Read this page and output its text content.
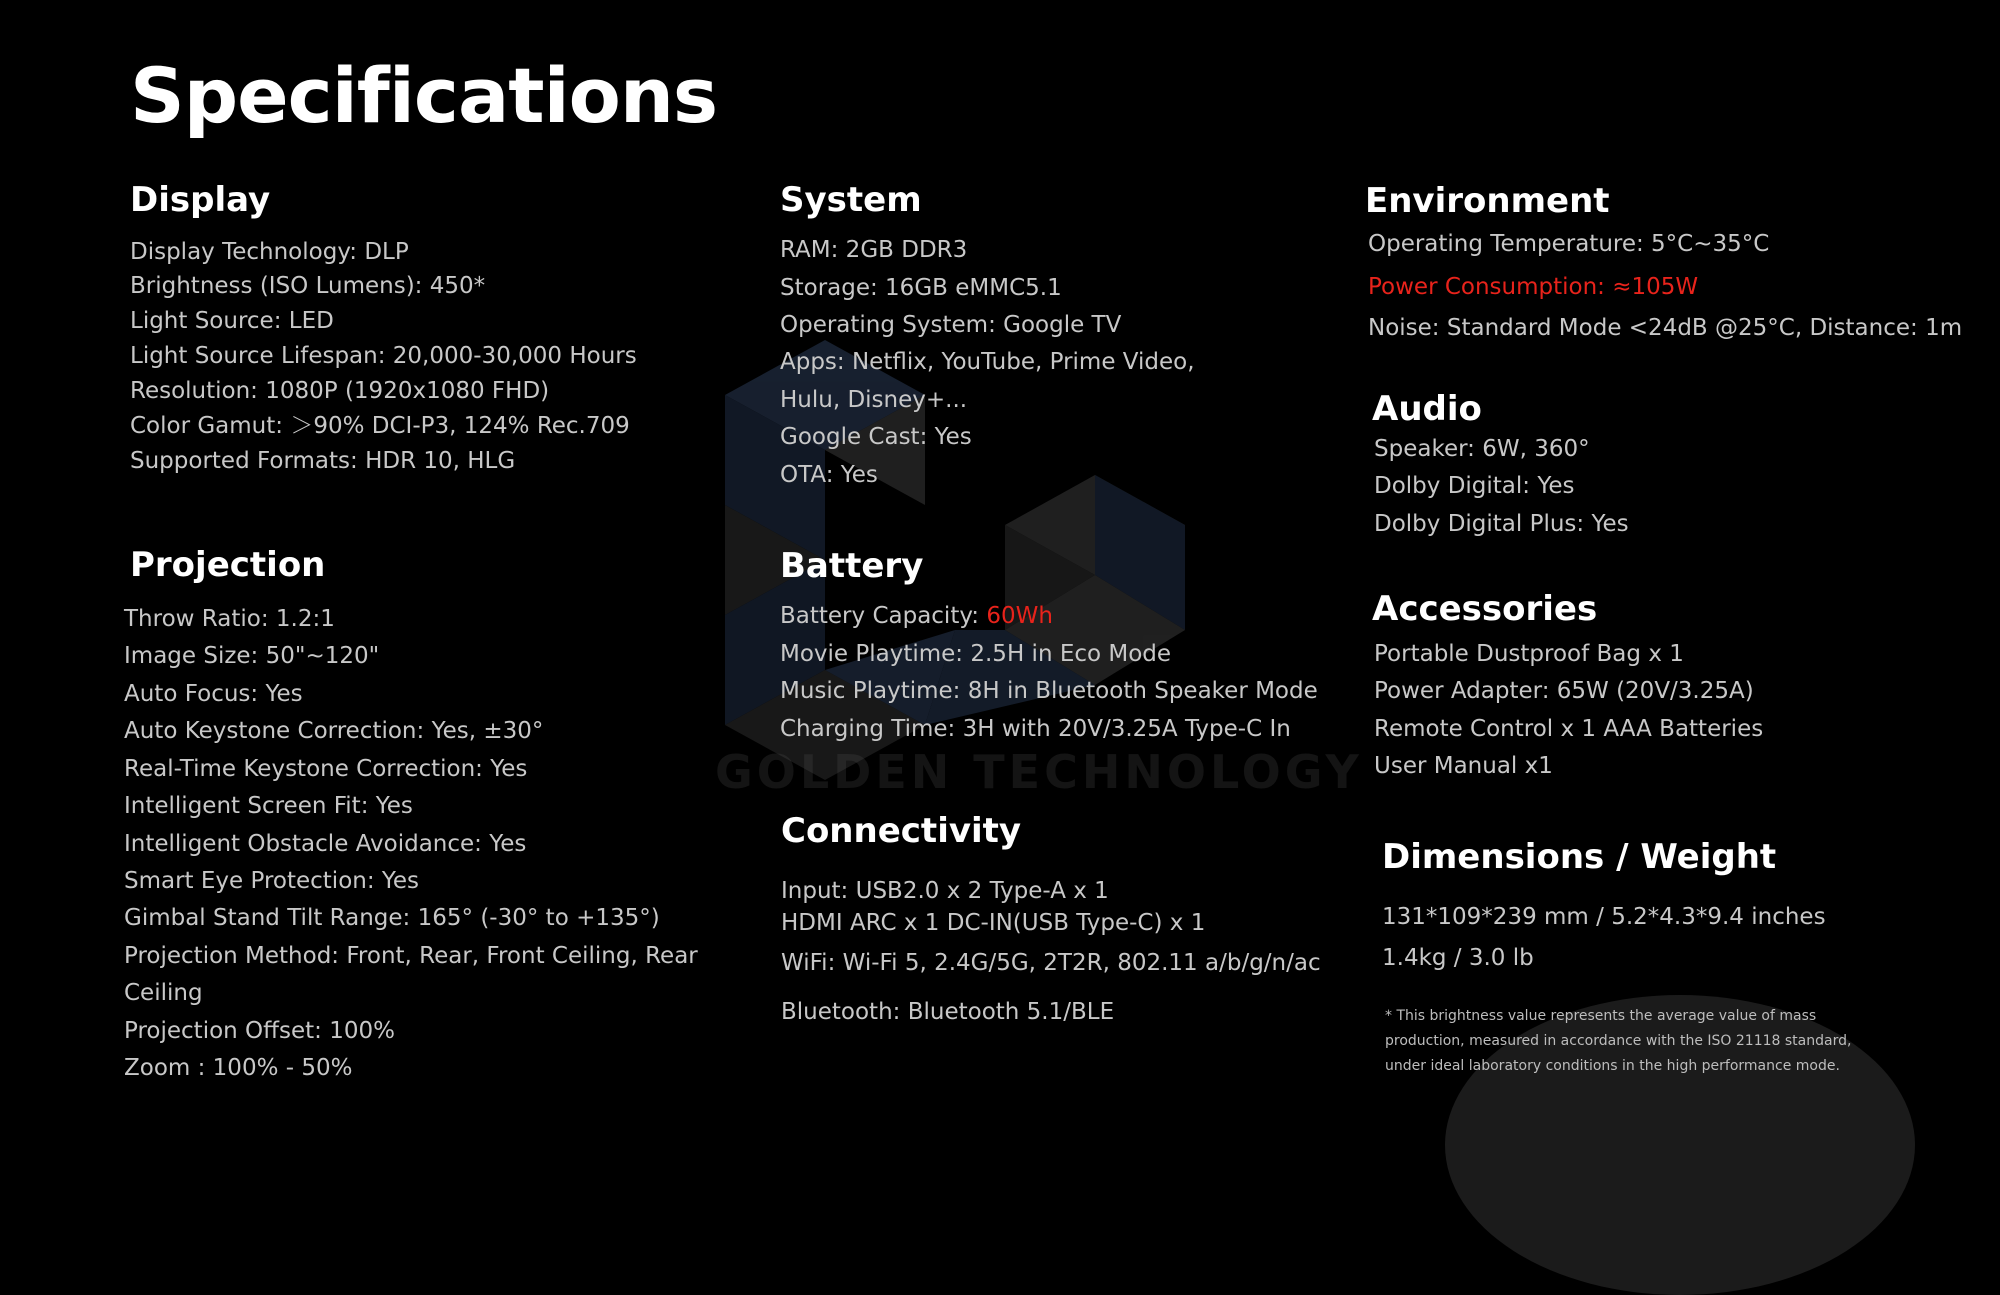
GOLDEN TECHNOLOGY
Specifications
Display
Display Technology: DLP
Brightness (ISO Lumens): 450*
Light Source: LED
Light Source Lifespan: 20,000-30,000 Hours
Resolution: 1080P (1920x1080 FHD)
Color Gamut: ＞90% DCI-P3, 124% Rec.709
Supported Formats: HDR 10, HLG
Projection
Throw Ratio: 1.2:1
Image Size: 50"~120"
Auto Focus: Yes
Auto Keystone Correction: Yes, ±30°
Real-Time Keystone Correction: Yes
Intelligent Screen Fit: Yes
Intelligent Obstacle Avoidance: Yes
Smart Eye Protection: Yes
Gimbal Stand Tilt Range: 165° (-30° to +135°)
Projection Method: Front, Rear, Front Ceiling, Rear
Ceiling
Projection Offset: 100%
Zoom : 100% - 50%
System
RAM: 2GB DDR3
Storage: 16GB eMMC5.1
Operating System: Google TV
Apps: Netflix, YouTube, Prime Video,
Hulu, Disney+...
Google Cast: Yes
OTA: Yes
Battery
Battery Capacity: 60Wh
Movie Playtime: 2.5H in Eco Mode
Music Playtime: 8H in Bluetooth Speaker Mode
Charging Time: 3H with 20V/3.25A Type-C In
Connectivity
Input: USB2.0 x 2 Type-A x 1
HDMI ARC x 1 DC-IN(USB Type-C) x 1
WiFi: Wi-Fi 5, 2.4G/5G, 2T2R, 802.11 a/b/g/n/ac
Bluetooth: Bluetooth 5.1/BLE
Environment
Operating Temperature: 5°C~35°C
Power Consumption: ≈105W
Noise: Standard Mode <24dB @25°C, Distance: 1m
Audio
Speaker: 6W, 360°
Dolby Digital: Yes
Dolby Digital Plus: Yes
Accessories
Portable Dustproof Bag x 1
Power Adapter: 65W (20V/3.25A)
Remote Control x 1 AAA Batteries
User Manual x1
Dimensions / Weight
131*109*239 mm / 5.2*4.3*9.4 inches
1.4kg / 3.0 lb
* This brightness value represents the average value of mass
production, measured in accordance with the ISO 21118 standard,
under ideal laboratory conditions in the high performance mode.
